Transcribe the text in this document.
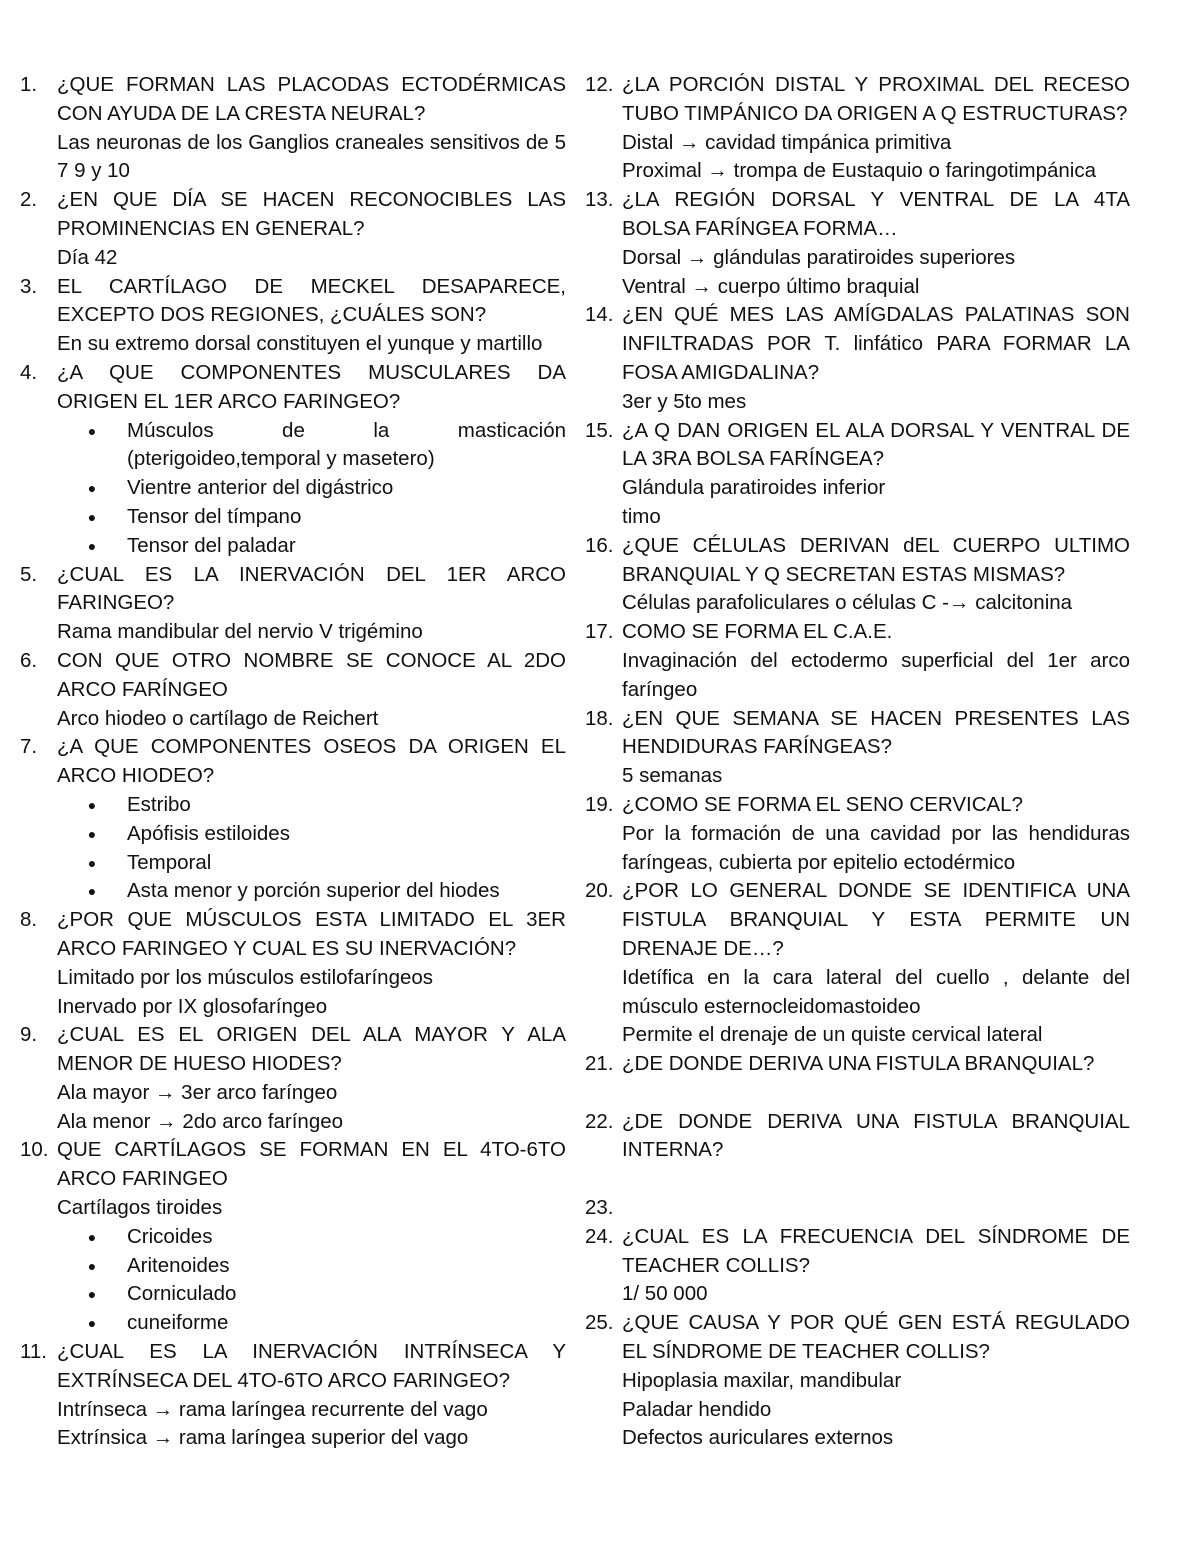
1. ¿QUE FORMAN LAS PLACODAS ECTODÉRMICAS CON AYUDA DE LA CRESTA NEURAL?
Las neuronas de los Ganglios craneales sensitivos de 5 7 9 y 10
2. ¿EN QUE DÍA SE HACEN RECONOCIBLES LAS PROMINENCIAS EN GENERAL?
Día 42
3. EL CARTÍLAGO DE MECKEL DESAPARECE, EXCEPTO DOS REGIONES, ¿CUÁLES SON?
En su extremo dorsal constituyen el yunque y martillo
4. ¿A QUE COMPONENTES MUSCULARES DA ORIGEN EL 1ER ARCO FARINGEO?
●	Músculos de la masticación (pterigoideo,temporal y masetero)
●	Vientre anterior del digástrico
●	Tensor del tímpano
●	Tensor del paladar
5. ¿CUAL ES LA INERVACIÓN DEL 1ER ARCO FARINGEO?
Rama mandibular del nervio V trigémino
6. CON QUE OTRO NOMBRE SE CONOCE AL 2DO ARCO FARÍNGEO
Arco hiodeo o cartílago de Reichert
7. ¿A QUE COMPONENTES OSEOS DA ORIGEN EL ARCO HIODEO?
●	Estribo
●	Apófisis estiloides
●	Temporal
●	Asta menor y porción superior del hiodes
8. ¿POR QUE MÚSCULOS ESTA LIMITADO EL 3ER ARCO FARINGEO Y CUAL ES SU INERVACIÓN?
Limitado por los músculos estilofaríngeos
Inervado por IX glosofaríngeo
9. ¿CUAL ES EL ORIGEN DEL ALA MAYOR Y ALA MENOR DE HUESO HIODES?
Ala mayor → 3er arco faríngeo
Ala menor → 2do arco faríngeo
10. QUE CARTÍLAGOS SE FORMAN EN EL 4TO-6TO ARCO FARINGEO
Cartílagos tiroides
●	Cricoides
●	Aritenoides
●	Corniculado
●	cuneiforme
11. ¿CUAL ES LA INERVACIÓN INTRÍNSECA Y EXTRÍNSECA DEL 4TO-6TO ARCO FARINGEO?
Intrínseca → rama laríngea recurrente del vago
Extrínsica → rama laríngea superior del vago
12. ¿LA PORCIÓN DISTAL Y PROXIMAL DEL RECESO TUBO TIMPÁNICO DA ORIGEN A Q ESTRUCTURAS?
Distal → cavidad timpánica primitiva
Proximal → trompa de Eustaquio o faringotimpánica
13. ¿LA REGIÓN DORSAL Y VENTRAL DE LA 4TA BOLSA FARÍNGEA FORMA…
Dorsal → glándulas paratiroides superiores
Ventral → cuerpo último braquial
14. ¿EN QUÉ MES LAS AMÍGDALAS PALATINAS SON INFILTRADAS POR T. linfático PARA FORMAR LA FOSA AMIGDALINA?
3er y 5to mes
15. ¿A Q DAN ORIGEN EL ALA DORSAL Y VENTRAL DE LA 3RA BOLSA FARÍNGEA?
Glándula paratiroides inferior
timo
16. ¿QUE CÉLULAS DERIVAN dEL CUERPO ULTIMO BRANQUIAL Y Q SECRETAN ESTAS MISMAS?
Células parafoliculares o células C -→ calcitonina
17. COMO SE FORMA EL C.A.E.
Invaginación del ectodermo superficial del 1er arco faríngeo
18. ¿EN QUE SEMANA SE HACEN PRESENTES LAS HENDIDURAS FARÍNGEAS?
5 semanas
19. ¿COMO SE FORMA EL SENO CERVICAL?
Por la formación de una cavidad por las hendiduras faríngeas, cubierta por epitelio ectodérmico
20. ¿POR LO GENERAL DONDE SE IDENTIFICA UNA FISTULA BRANQUIAL Y ESTA PERMITE UN DRENAJE DE…?
Idetífica en la cara lateral del cuello , delante del músculo esternocleidomastoideo
Permite el drenaje de un quiste cervical lateral
21. ¿DE DONDE DERIVA UNA FISTULA BRANQUIAL?
22. ¿DE DONDE DERIVA UNA FISTULA BRANQUIAL INTERNA?
23.
24. ¿CUAL ES LA FRECUENCIA DEL SÍNDROME DE TEACHER COLLIS?
1/ 50 000
25. ¿QUE CAUSA Y POR QUÉ GEN ESTÁ REGULADO EL SÍNDROME DE TEACHER COLLIS?
Hipoplasia maxilar, mandibular
Paladar hendido
Defectos auriculares externos
